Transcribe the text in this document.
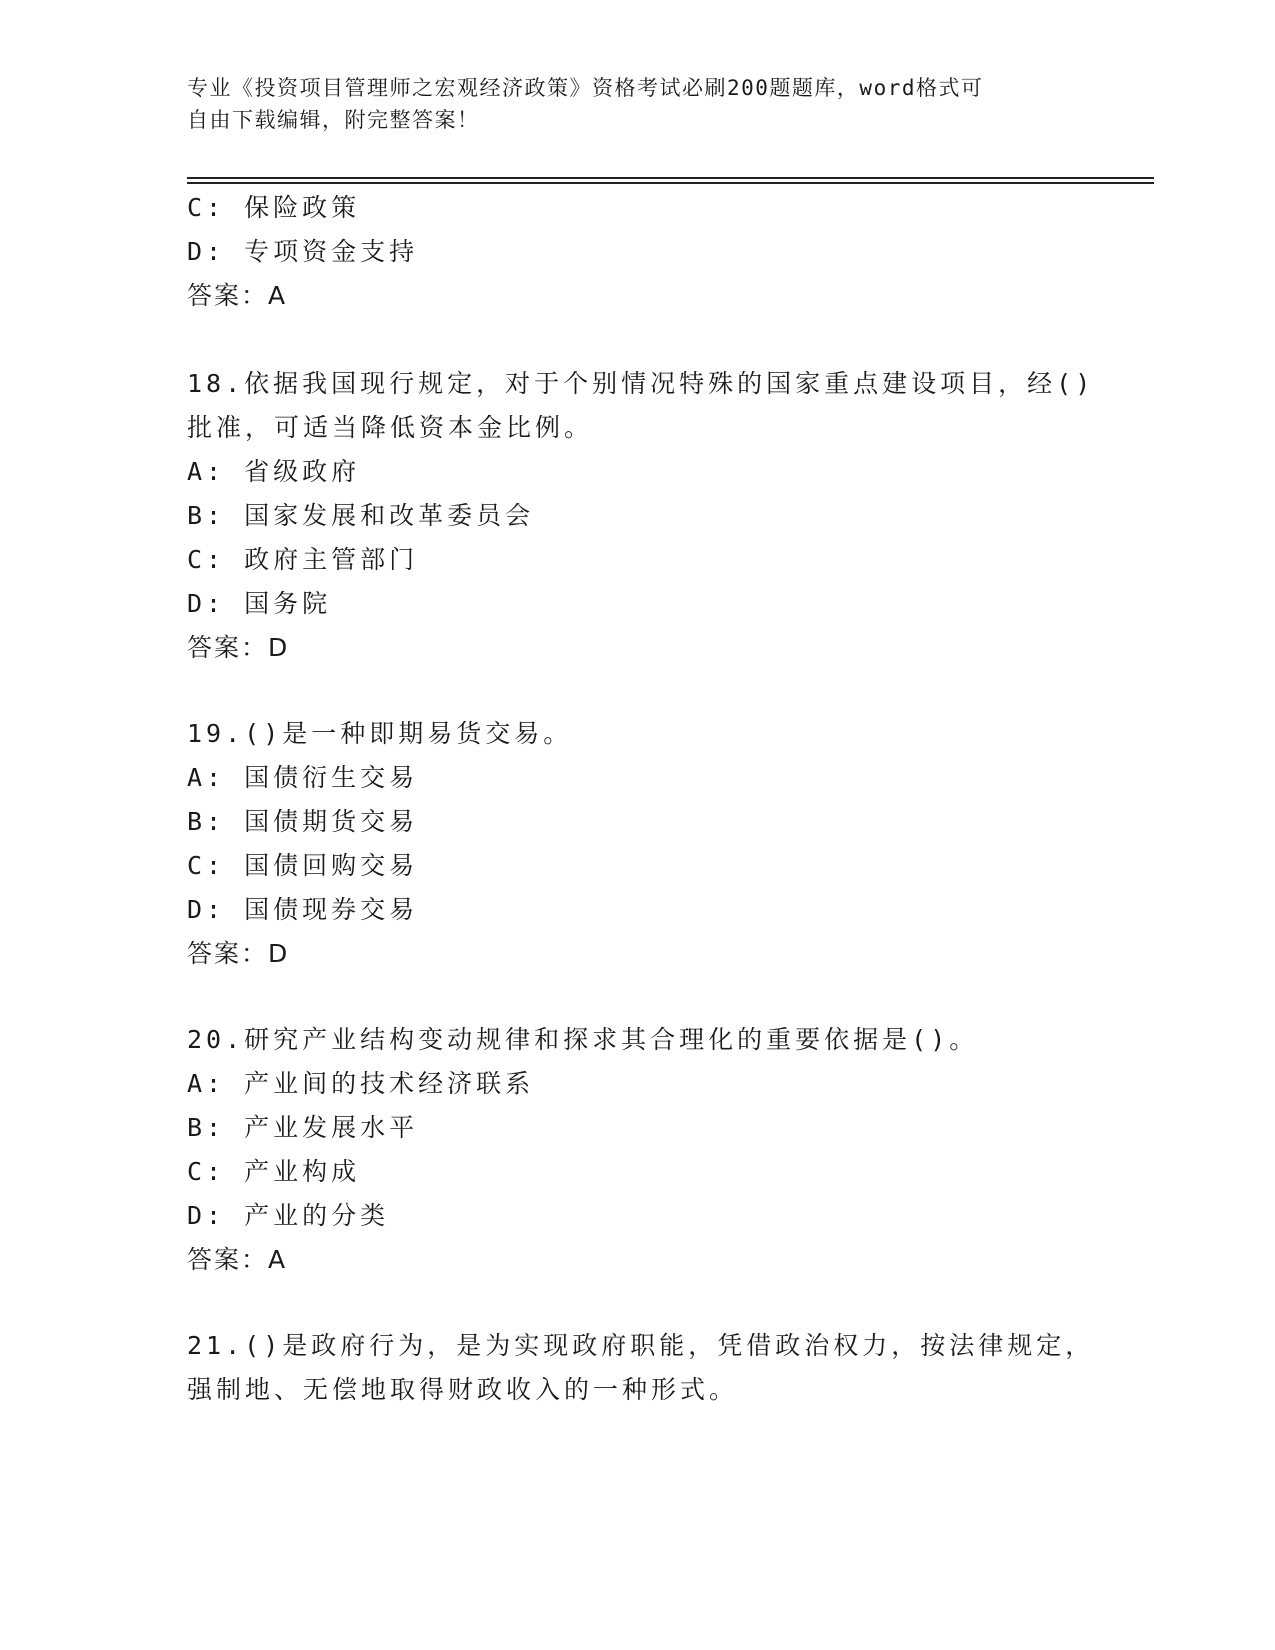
专业《投资项目管理师之宏观经济政策》资格考试必刷200题题库，word格式可
自由下载编辑，附完整答案！
C: 保险政策
D: 专项资金支持
答案：A
18.依据我国现行规定，对于个别情况特殊的国家重点建设项目，经()
批准，可适当降低资本金比例。
A: 省级政府
B: 国家发展和改革委员会
C: 政府主管部门
D: 国务院
答案：D
19.()是一种即期易货交易。
A: 国债衍生交易
B: 国债期货交易
C: 国债回购交易
D: 国债现券交易
答案：D
20.研究产业结构变动规律和探求其合理化的重要依据是()。
A: 产业间的技术经济联系
B: 产业发展水平
C: 产业构成
D: 产业的分类
答案：A
21.()是政府行为，是为实现政府职能，凭借政治权力，按法律规定，
强制地、无偿地取得财政收入的一种形式。
